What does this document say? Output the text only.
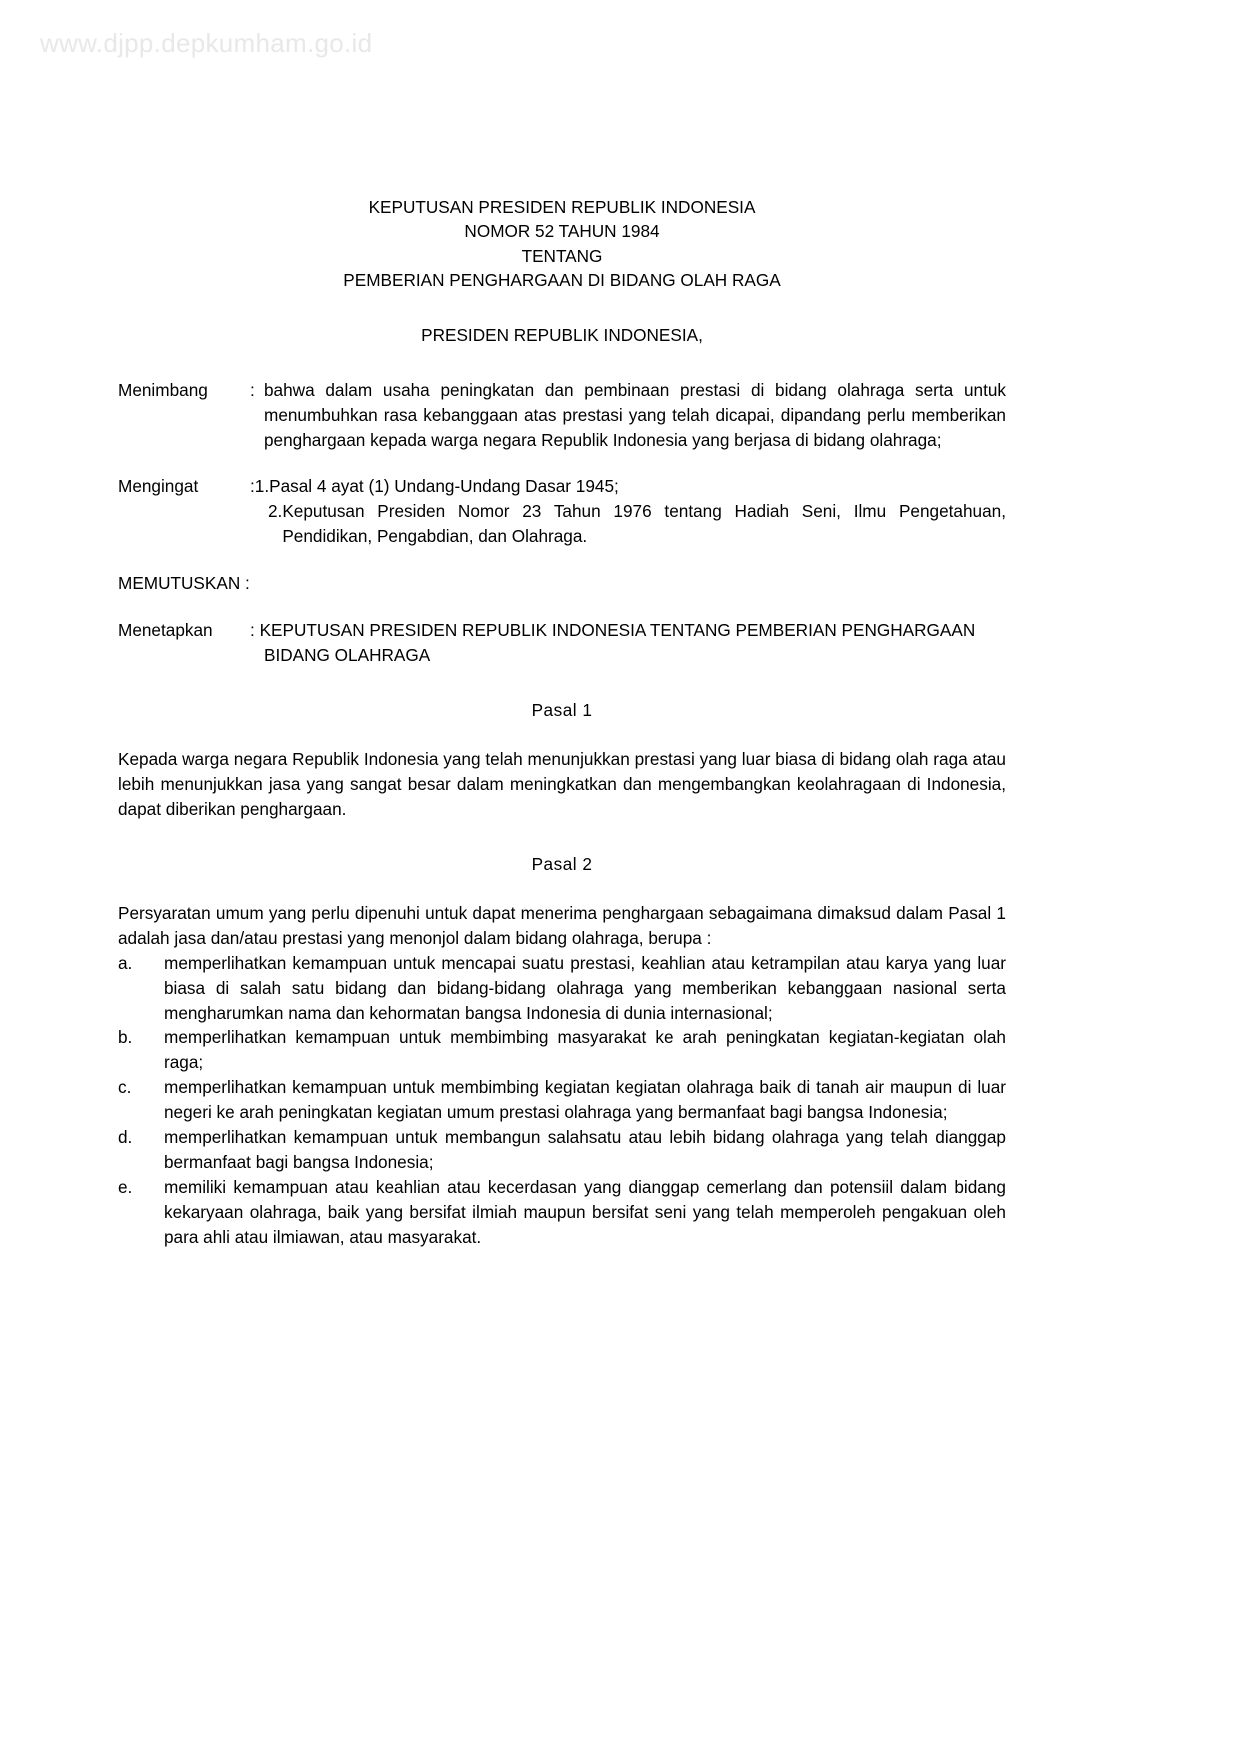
www.djpp.depkumham.go.id
KEPUTUSAN PRESIDEN REPUBLIK INDONESIA
NOMOR 52 TAHUN 1984
TENTANG
PEMBERIAN PENGHARGAAN DI BIDANG OLAH RAGA
PRESIDEN REPUBLIK INDONESIA,
Menimbang	: bahwa dalam usaha peningkatan dan pembinaan prestasi di bidang olahraga serta untuk menumbuhkan rasa kebanggaan atas prestasi yang telah dicapai, dipandang perlu memberikan penghargaan kepada warga negara Republik Indonesia yang berjasa di bidang olahraga;
Mengingat	:1. Pasal 4 ayat (1) Undang-Undang Dasar 1945;
2. Keputusan Presiden Nomor 23 Tahun 1976 tentang Hadiah Seni, Ilmu Pengetahuan, Pendidikan, Pengabdian, dan Olahraga.
MEMUTUSKAN :
Menetapkan	: KEPUTUSAN PRESIDEN REPUBLIK INDONESIA TENTANG PEMBERIAN PENGHARGAAN
BIDANG OLAHRAGA
Pasal 1
Kepada warga negara Republik Indonesia yang telah menunjukkan prestasi yang luar biasa di bidang olah raga atau lebih menunjukkan jasa yang sangat besar dalam meningkatkan dan mengembangkan keolahragaan di Indonesia, dapat diberikan penghargaan.
Pasal 2
Persyaratan umum yang perlu dipenuhi untuk dapat menerima penghargaan sebagaimana dimaksud dalam Pasal 1 adalah jasa dan/atau prestasi yang menonjol dalam bidang olahraga, berupa :
a.	memperlihatkan kemampuan untuk mencapai suatu prestasi, keahlian atau ketrampilan atau karya yang luar biasa di salah satu bidang dan bidang-bidang olahraga yang memberikan kebanggaan nasional serta mengharumkan nama dan kehormatan bangsa Indonesia di dunia internasional;
b.	memperlihatkan kemampuan untuk membimbing masyarakat ke arah peningkatan kegiatan-kegiatan olah raga;
c.	memperlihatkan kemampuan untuk membimbing kegiatan kegiatan olahraga baik di tanah air maupun di luar negeri ke arah peningkatan kegiatan umum prestasi olahraga yang bermanfaat bagi bangsa Indonesia;
d.	memperlihatkan kemampuan untuk membangun salahsatu atau lebih bidang olahraga yang telah dianggap bermanfaat bagi bangsa Indonesia;
e.	memiliki kemampuan atau keahlian atau kecerdasan yang dianggap cemerlang dan potensiil dalam bidang kekaryaan olahraga, baik yang bersifat ilmiah maupun bersifat seni yang telah memperoleh pengakuan oleh para ahli atau ilmiawan, atau masyarakat.
